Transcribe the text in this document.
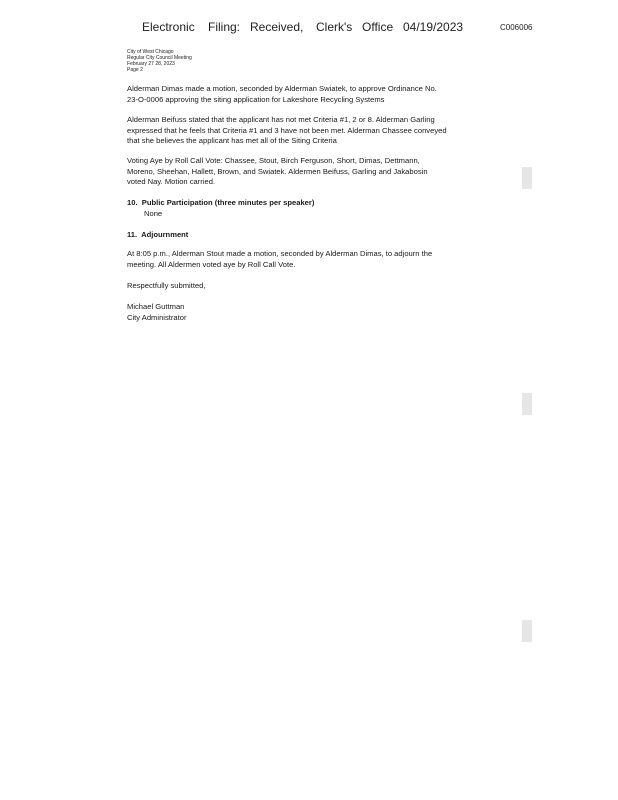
Electronic Filing: Received, Clerk's Office 04/19/2023	C006006
City of West Chicago
Regular City Council Meeting
February 27 28, 2023
Page 2

Alderman Dimas made a motion, seconded by Alderman Swiatek, to approve Ordinance No.

23-O-0006 approving the siting application for Lakeshore Recycling Systems

Alderman Beifuss stated that the applicant has not met Criteria #1, 2 or 8. Alderman Garling

expressed that he feels that Criteria #1 and 3 have not been met. Alderman Chassee conveyed

that she believes the applicant has met all of the Siting Criteria

Voting Aye by Roll Call Vote: Chassee, Stout, Birch Ferguson, Short, Dimas, Dettmann,

Moreno, Sheehan, Hallett, Brown, and Swiatek. Aldermen Beifuss, Garling and Jakabosin

voted Nay. Motion carried.

10. Public Participation (three minutes per speaker)

None

11. Adjournment

At 8:05 p.m., Alderman Stout made a motion, seconded by Alderman Dimas, to adjourn the

meeting. All Aldermen voted aye by Roll Call Vote.

Respectfully submitted,

Michael Guttman

City Administrator
